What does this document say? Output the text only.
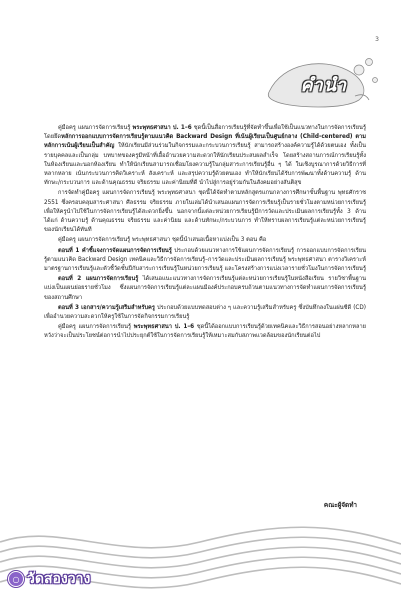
3
คำนำ

คู่มือครู แผนการจัดการเรียนรู้ พระพุทธศาสนา ป. 1–6 ชุดนี้เป็นสื่อการเรียนรู้ที่จัดทำขึ้นเพื่อใช้เป็นแนวทางในการจัดการเรียนรู้โดยยึดหลักการออกแบบการจัดการเรียนรู้ตามแนวคิด Backward Design ที่เน้นผู้เรียนเป็นศูนย์กลาง (Child-centered) ตามหลักการเน้นผู้เรียนเป็นสำคัญ ให้นักเรียนมีส่วนร่วมในกิจกรรมและกระบวนการเรียนรู้ สามารถสร้างองค์ความรู้ได้ด้วยตนเอง ทั้งเป็นรายบุคคลและเป็นกลุ่ม บทบาทของครูมีหน้าที่เอื้ออำนวยความสะดวกให้นักเรียนประสบผลสำเร็จ โดยสร้างสถานการณ์การเรียนรู้ทั้งในห้องเรียนและนอกห้องเรียน ทำให้นักเรียนสามารถเชื่อมโยงความรู้ในกลุ่มสาระการเรียนรู้อื่น ๆ ได้ ในเชิงบูรณาการด้วยวิธีการที่หลากหลาย เน้นกระบวนการคิดวิเคราะห์ สังเคราะห์ และสรุปความรู้ด้วยตนเอง ทำให้นักเรียนได้รับการพัฒนาทั้งด้านความรู้ ด้านทักษะ/กระบวนการ และด้านคุณธรรม จริยธรรม และค่านิยมที่ดี นำไปสู่การอยู่ร่วมกันในสังคมอย่างสันติสุข

การจัดทำคู่มือครู แผนการจัดการเรียนรู้ พระพุทธศาสนา ชุดนี้ได้จัดทำตามหลักสูตรแกนกลางการศึกษาขั้นพื้นฐาน พุทธศักราช 2551 ซึ่งครอบคลุมสาระศาสนา ศีลธรรม จริยธรรม ภายในเล่มได้นำเสนอแผนการจัดการเรียนรู้เป็นรายชั่วโมงตามหน่วยการเรียนรู้ เพื่อให้ครูนำไปใช้ในการจัดการเรียนรู้ได้สะดวกยิ่งขึ้น นอกจากนี้แต่ละหน่วยการเรียนรู้มีการวัดและประเมินผลการเรียนรู้ทั้ง 3 ด้าน ได้แก่ ด้านความรู้ ด้านคุณธรรม จริยธรรม และค่านิยม และด้านทักษะ/กระบวนการ ทำให้ทราบผลการเรียนรู้แต่ละหน่วยการเรียนรู้ของนักเรียนได้ทันที

คู่มือครู แผนการจัดการเรียนรู้ พระพุทธศาสนา ชุดนี้นำเสนอเนื้อหาแบ่งเป็น 3 ตอน คือ

ตอนที่ 1 คำชี้แจงการจัดแผนการจัดการเรียนรู้ ประกอบด้วยแนวทางการใช้แผนการจัดการเรียนรู้ การออกแบบการจัดการเรียนรู้ตามแนวคิด Backward Design เทคนิคและวิธีการจัดการเรียนรู้–การวัดและประเมินผลการเรียนรู้ พระพุทธศาสนา ตารางวิเคราะห์มาตรฐานการเรียนรู้และตัวชี้วัดชั้นปีกับสาระการเรียนรู้ในหน่วยการเรียนรู้ และโครงสร้างการแบ่งเวลารายชั่วโมงในการจัดการเรียนรู้

ตอนที่ 2 แผนการจัดการเรียนรู้ ได้เสนอแนะแนวทางการจัดการเรียนรู้แต่ละหน่วยการเรียนรู้ในหนังสือเรียน รายวิชาพื้นฐาน แบ่งเป็นแผนย่อยรายชั่วโมง ซึ่งแผนการจัดการเรียนรู้แต่ละแผนมีองค์ประกอบครบถ้วนตามแนวทางการจัดทำแผนการจัดการเรียนรู้ของสถานศึกษา

ตอนที่ 3 เอกสาร/ความรู้เสริมสำหรับครู ประกอบด้วยแบบทดสอบต่าง ๆ และความรู้เสริมสำหรับครู ซึ่งบันทึกลงในแผ่นซีดี (CD) เพื่ออำนวยความสะดวกให้ครูใช้ในการจัดกิจกรรมการเรียนรู้

คู่มือครู แผนการจัดการเรียนรู้ พระพุทธศาสนา ป. 1–6 ชุดนี้ได้ออกแบบการเรียนรู้ด้วยเทคนิคและวิธีการสอนอย่างหลากหลาย หวังว่าจะเป็นประโยชน์ต่อการนำไปประยุกต์ใช้ในการจัดการเรียนรู้ให้เหมาะสมกับสภาพแวดล้อมของนักเรียนต่อไป

คณะผู้จัดทำ
○ วัดสองวาง
